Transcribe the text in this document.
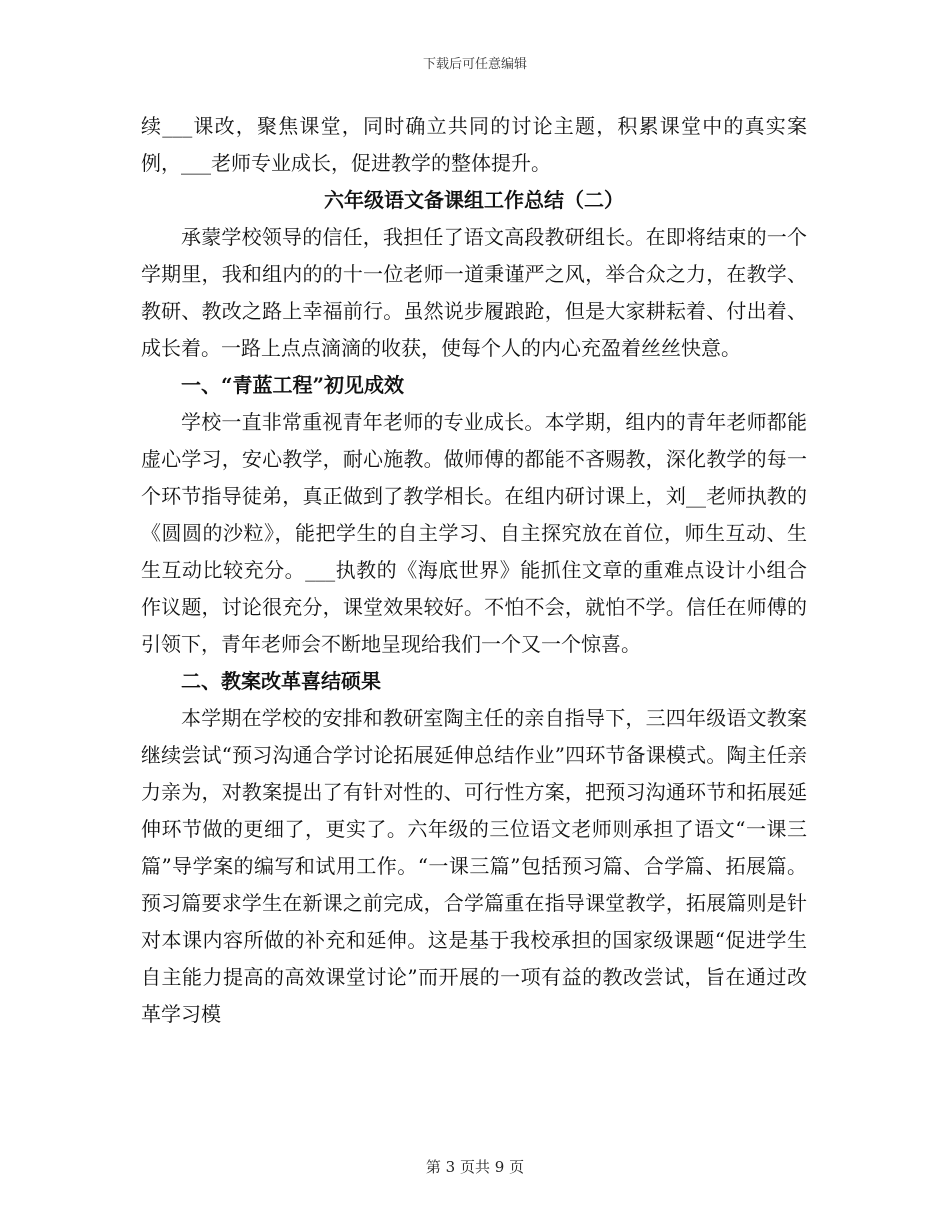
下载后可任意编辑

续___课改，聚焦课堂，同时确立共同的讨论主题，积累课堂中的真实案例，___老师专业成长，促进教学的整体提升。

六年级语文备课组工作总结（二）

承蒙学校领导的信任，我担任了语文高段教研组长。在即将结束的一个学期里，我和组内的的十一位老师一道秉谨严之风，举合众之力，在教学、教研、教改之路上幸福前行。虽然说步履踉跄，但是大家耕耘着、付出着、成长着。一路上点点滴滴的收获，使每个人的内心充盈着丝丝快意。

一、“青蓝工程”初见成效

学校一直非常重视青年老师的专业成长。本学期，组内的青年老师都能虚心学习，安心教学，耐心施教。做师傅的都能不吝赐教，深化教学的每一个环节指导徒弟，真正做到了教学相长。在组内研讨课上，刘__老师执教的《圆圆的沙粒》，能把学生的自主学习、自主探究放在首位，师生互动、生生互动比较充分。___执教的《海底世界》能抓住文章的重难点设计小组合作议题，讨论很充分，课堂效果较好。不怕不会，就怕不学。信任在师傅的引领下，青年老师会不断地呈现给我们一个又一个惊喜。

二、教案改革喜结硕果

本学期在学校的安排和教研室陶主任的亲自指导下，三四年级语文教案继续尝试“预习沟通合学讨论拓展延伸总结作业”四环节备课模式。陶主任亲力亲为，对教案提出了有针对性的、可行性方案，把预习沟通环节和拓展延伸环节做的更细了，更实了。六年级的三位语文老师则承担了语文“一课三篇”导学案的编写和试用工作。“一课三篇”包括预习篇、合学篇、拓展篇。预习篇要求学生在新课之前完成，合学篇重在指导课堂教学，拓展篇则是针对本课内容所做的补充和延伸。这是基于我校承担的国家级课题“促进学生自主能力提高的高效课堂讨论”而开展的一项有益的教改尝试，旨在通过改革学习模

第 3 页共 9 页
